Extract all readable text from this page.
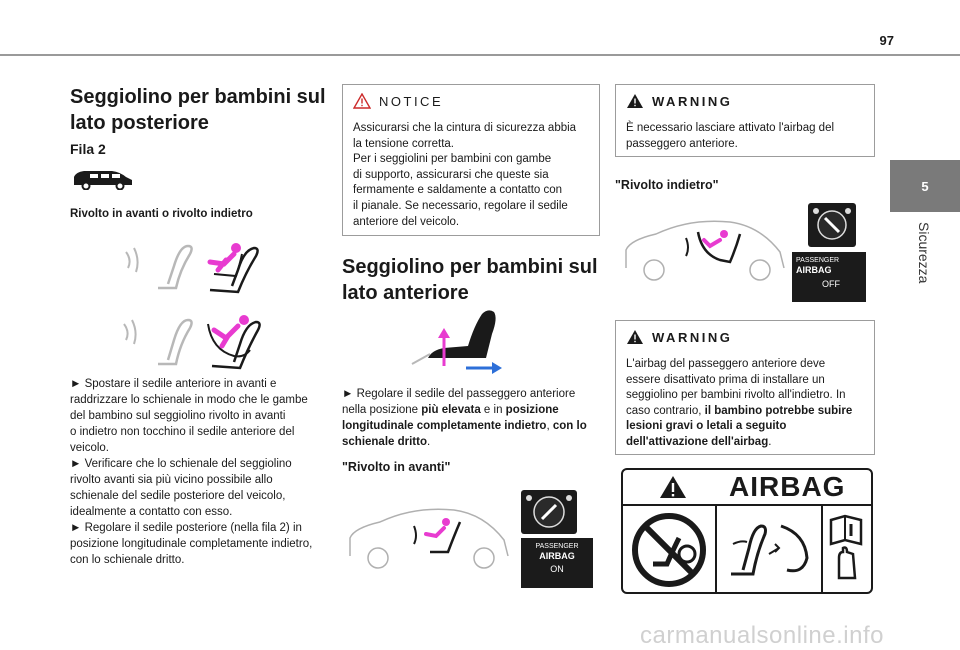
97
5
Sicurezza
Seggiolino per bambini sul
lato posteriore
Fila 2
Rivolto in avanti o rivolto indietro
► Spostare il sedile anteriore in avanti e
raddrizzare lo schienale in modo che le gambe
del bambino sul seggiolino rivolto in avanti
o indietro non tocchino il sedile anteriore del
veicolo.
► Verificare che lo schienale del seggiolino
rivolto avanti sia più vicino possibile allo
schienale del sedile posteriore del veicolo,
idealmente a contatto con esso.
► Regolare il sedile posteriore (nella fila 2) in
posizione longitudinale completamente indietro,
con lo schienale dritto.
NOTICE
Assicurarsi che la cintura di sicurezza abbia
la tensione corretta.
Per i seggiolini per bambini con gambe
di supporto, assicurarsi che queste sia
fermamente e saldamente a contatto con
il pianale. Se necessario, regolare il sedile
anteriore del veicolo.
Seggiolino per bambini sul
lato anteriore
► Regolare il sedile del passeggero anteriore
nella posizione più elevata e in posizione
longitudinale completamente indietro, con lo
schienale dritto.
"Rivolto in avanti"
PASSENGER
AIRBAG
ON
WARNING
È necessario lasciare attivato l'airbag del
passeggero anteriore.
"Rivolto indietro"
PASSENGER
AIRBAG
OFF
WARNING
L'airbag del passeggero anteriore deve
essere disattivato prima di installare un
seggiolino per bambini rivolto all'indietro. In
caso contrario, il bambino potrebbe subire
lesioni gravi o letali a seguito
dell'attivazione dell'airbag.
AIRBAG
carmanualsonline.info
